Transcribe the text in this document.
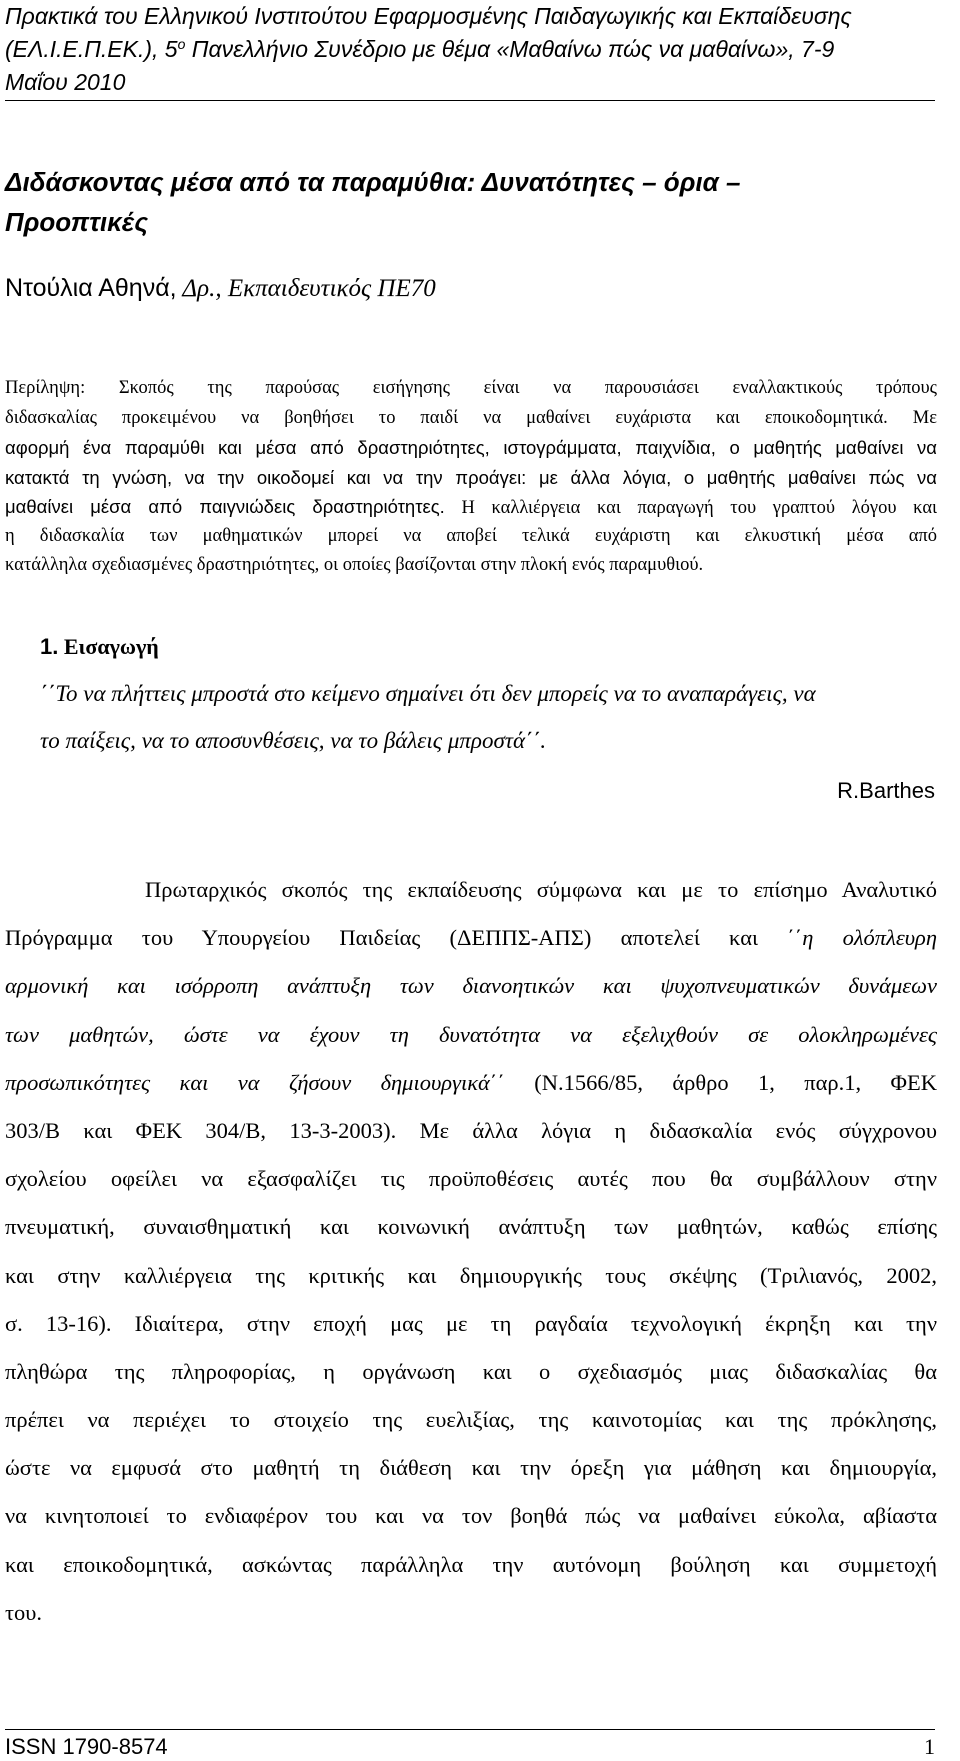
Πρακτικά του Ελληνικού Ινστιτούτου Εφαρμοσμένης Παιδαγωγικής και Εκπαίδευσης
(ΕΛ.Ι.Ε.Π.ΕΚ.), $5^o$ Πανελλήνιο Συνέδριο με θέμα «Μαθαίνω πώς να μαθαίνω», 7-9
Μαΐου 2010
Διδάσκοντας μέσα από τα παραμύθια: Δυνατότητες – όρια –
Προοπτικές
Ντούλια Αθηνά, Δρ., Εκπαιδευτικός ΠΕ70
Περίληψη: Σκοπός της παρούσας εισήγησης είναι να παρουσιάσει εναλλακτικούς τρόπους
διδασκαλίας προκειμένου να βοηθήσει το παιδί να μαθαίνει ευχάριστα και εποικοδομητικά. Με
αφορμή ένα παραμύθι και μέσα από δραστηριότητες, ιστογράμματα, παιχνίδια, ο μαθητής μαθαίνει να
κατακτά τη γνώση, να την οικοδομεί και να την προάγει: με άλλα λόγια, ο μαθητής μαθαίνει πώς να
μαθαίνει μέσα από παιγνιώδεις δραστηριότητες. Η καλλιέργεια και παραγωγή του γραπτού λόγου και
η διδασκαλία των μαθηματικών μπορεί να αποβεί τελικά ευχάριστη και ελκυστική μέσα από
κατάλληλα σχεδιασμένες δραστηριότητες, οι οποίες βασίζονται στην πλοκή ενός παραμυθιού.
1. Εισαγωγή
΄΄Το να πλήττεις μπροστά στο κείμενο σημαίνει ότι δεν μπορείς να το αναπαράγεις, να
το παίξεις, να το αποσυνθέσεις, να το βάλεις μπροστά΄΄.
R.Barthes
Πρωταρχικός σκοπός της εκπαίδευσης σύμφωνα και με το επίσημο Αναλυτικό
Πρόγραμμα του Υπουργείου Παιδείας (ΔΕΠΠΣ-ΑΠΣ) αποτελεί και ΄΄η ολόπλευρη
αρμονική και ισόρροπη ανάπτυξη των διανοητικών και ψυχοπνευματικών δυνάμεων
των μαθητών, ώστε να έχουν τη δυνατότητα να εξελιχθούν σε ολοκληρωμένες
προσωπικότητες και να ζήσουν δημιουργικά΄΄ (Ν.1566/85, άρθρο 1, παρ.1, ΦΕΚ
303/Β και ΦΕΚ 304/Β, 13-3-2003). Με άλλα λόγια η διδασκαλία ενός σύγχρονου
σχολείου οφείλει να εξασφαλίζει τις προϋποθέσεις αυτές που θα συμβάλλουν στην
πνευματική, συναισθηματική και κοινωνική ανάπτυξη των μαθητών, καθώς επίσης
και στην καλλιέργεια της κριτικής και δημιουργικής τους σκέψης (Τριλιανός, 2002,
σ. 13-16). Ιδιαίτερα, στην εποχή μας με τη ραγδαία τεχνολογική έκρηξη και την
πληθώρα της πληροφορίας, η οργάνωση και ο σχεδιασμός μιας διδασκαλίας θα
πρέπει να περιέχει το στοιχείο της ευελιξίας, της καινοτομίας και της πρόκλησης,
ώστε να εμφυσά στο μαθητή τη διάθεση και την όρεξη για μάθηση και δημιουργία,
να κινητοποιεί το ενδιαφέρον του και να τον βοηθά πώς να μαθαίνει εύκολα, αβίαστα
και εποικοδομητικά, ασκώντας παράλληλα την αυτόνομη βούληση και συμμετοχή
του.
ISSN 1790-8574	1
